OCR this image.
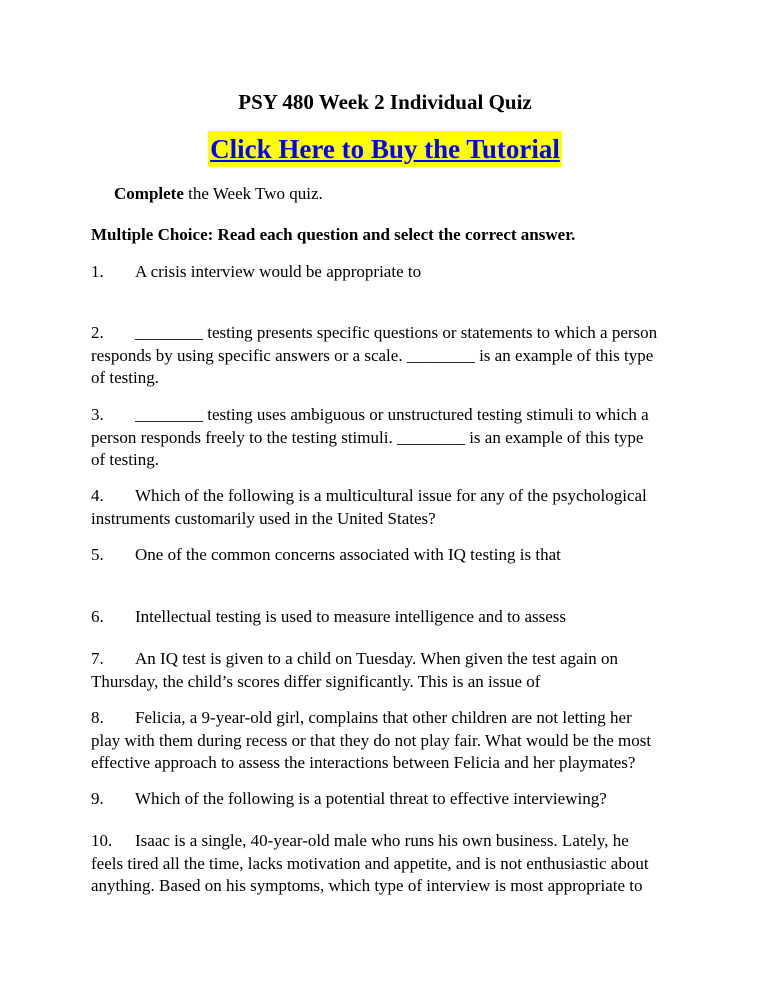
PSY 480 Week 2 Individual Quiz
Click Here to Buy the Tutorial
Complete the Week Two quiz.
Multiple Choice: Read each question and select the correct answer.
1. A crisis interview would be appropriate to
2. ________ testing presents specific questions or statements to which a person
responds by using specific answers or a scale. ________ is an example of this type
of testing.
3. ________ testing uses ambiguous or unstructured testing stimuli to which a
person responds freely to the testing stimuli. ________ is an example of this type
of testing.
4. Which of the following is a multicultural issue for any of the psychological
instruments customarily used in the United States?
5. One of the common concerns associated with IQ testing is that
6. Intellectual testing is used to measure intelligence and to assess
7. An IQ test is given to a child on Tuesday. When given the test again on
Thursday, the child’s scores differ significantly. This is an issue of
8. Felicia, a 9-year-old girl, complains that other children are not letting her
play with them during recess or that they do not play fair. What would be the most
effective approach to assess the interactions between Felicia and her playmates?
9. Which of the following is a potential threat to effective interviewing?
10. Isaac is a single, 40-year-old male who runs his own business. Lately, he
feels tired all the time, lacks motivation and appetite, and is not enthusiastic about
anything. Based on his symptoms, which type of interview is most appropriate to
